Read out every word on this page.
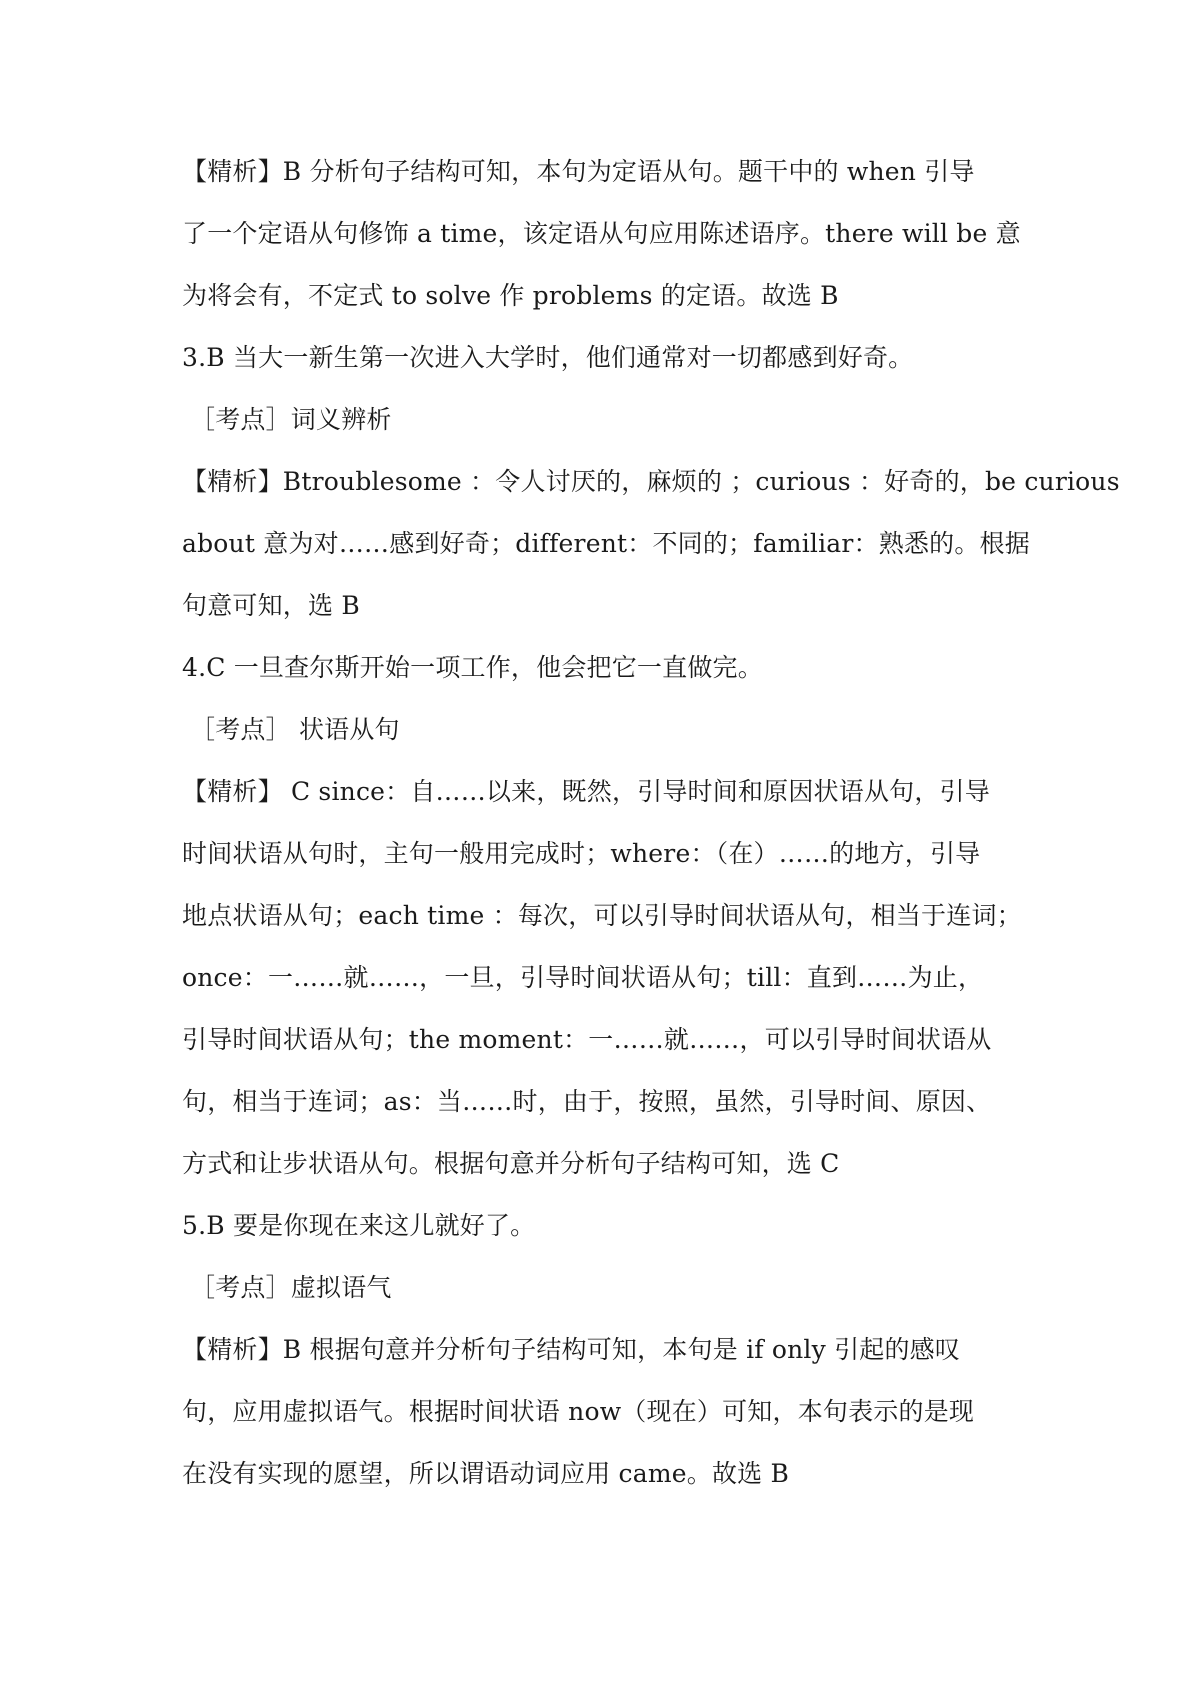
【精析】B 分析句子结构可知，本句为定语从句。题干中的 when 引导
了一个定语从句修饰 a time，该定语从句应用陈述语序。there will be 意
为将会有，不定式 to solve 作 problems 的定语。故选 B
3.B 当大一新生第一次进入大学时，他们通常对一切都感到好奇。
［考点］词义辨析
【精析】Btroublesome ：令人讨厌的，麻烦的 ；curious ：好奇的，be curious
about 意为对……感到好奇；different：不同的；familiar：熟悉的。根据
句意可知，选 B
4.C 一旦查尔斯开始一项工作，他会把它一直做完。
［考点］ 状语从句
【精析】 C since：自……以来，既然，引导时间和原因状语从句，引导
时间状语从句时，主句一般用完成时；where：（在）……的地方，引导
地点状语从句；each time ：每次，可以引导时间状语从句，相当于连词；
once：一……就……，一旦，引导时间状语从句；till：直到……为止，
引导时间状语从句；the moment：一……就……，可以引导时间状语从
句，相当于连词；as：当……时，由于，按照，虽然，引导时间、原因、
方式和让步状语从句。根据句意并分析句子结构可知，选 C
5.B 要是你现在来这儿就好了。
［考点］虚拟语气
【精析】B 根据句意并分析句子结构可知，本句是 if only 引起的感叹
句，应用虚拟语气。根据时间状语 now（现在）可知，本句表示的是现
在没有实现的愿望，所以谓语动词应用 came。故选 B
